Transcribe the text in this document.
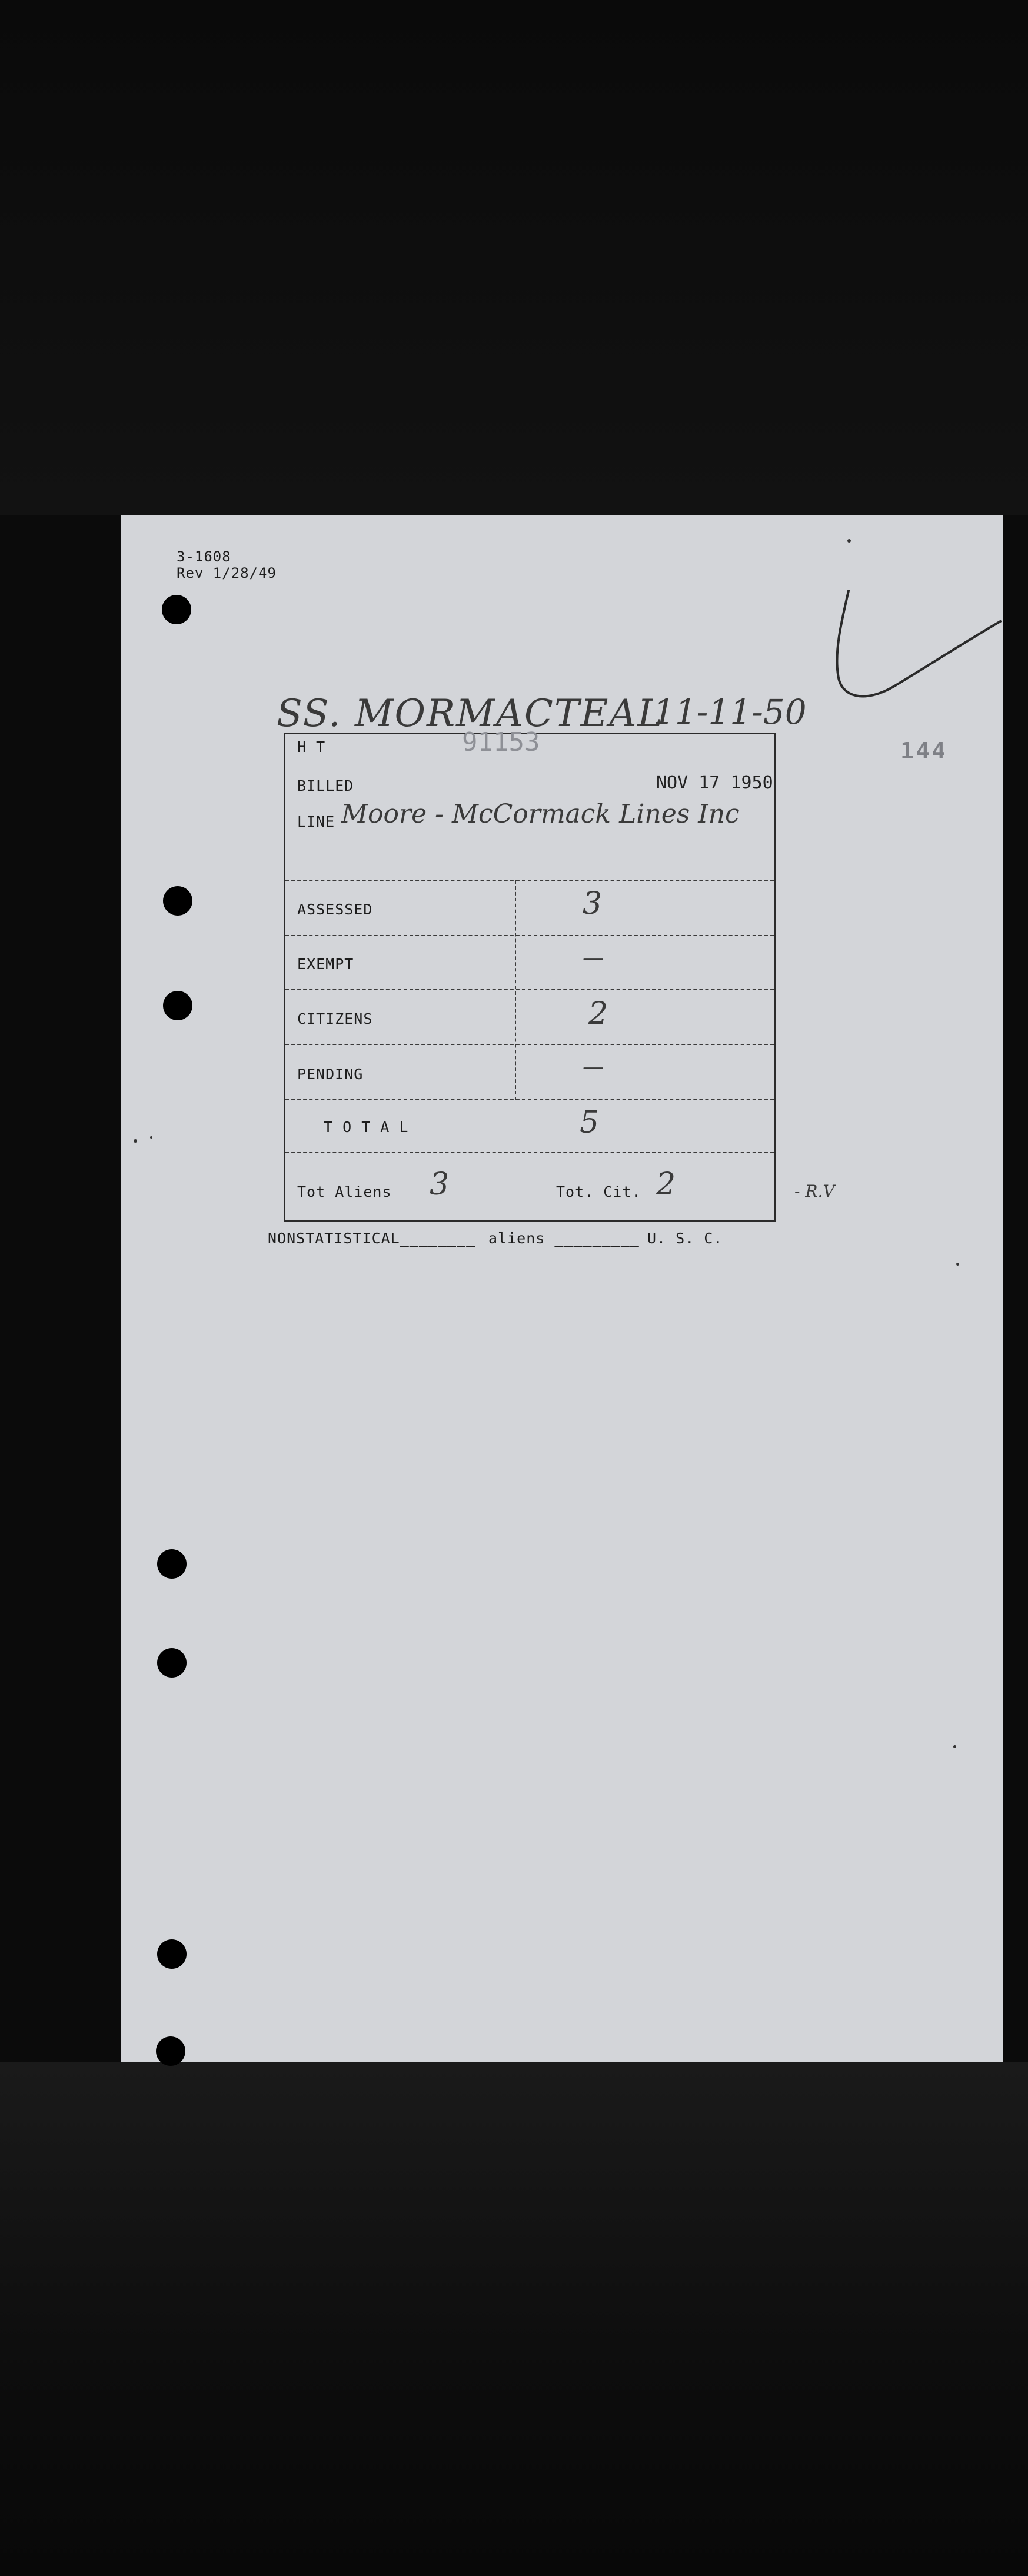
3-1608
Rev 1/28/49
144
SS. MORMACTEAL
11-11-50
H T	91153
BILLED	NOV 17 1950
LINE Moore - McCormack Lines Inc
ASSESSED	3
EXEMPT	—
CITIZENS	2
PENDING	—
T O T A L	5
Tot Aliens 3	Tot. Cit. 2	- R.V
NONSTATISTICAL________ aliens _________ U. S. C.
